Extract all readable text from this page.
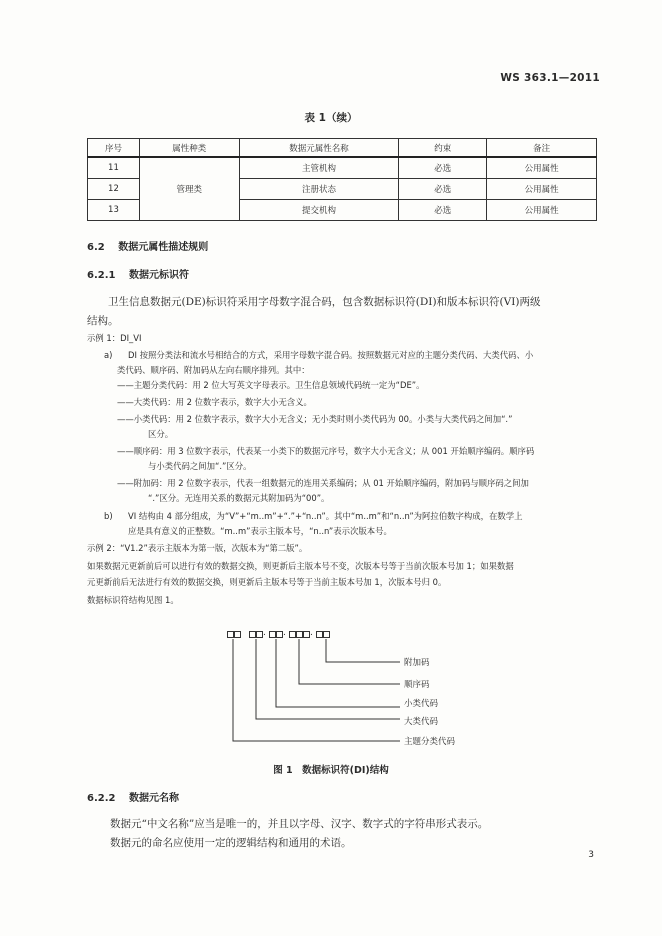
WS 363.1—2011
表 1（续）
序号	属性种类	数据元属性名称	约束	备注
11	管理类	主管机构	必选	公用属性
12		注册状态	必选	公用属性
13		提交机构	必选	公用属性
6.2 数据元属性描述规则
6.2.1 数据元标识符
卫生信息数据元(DE)标识符采用字母数字混合码，包含数据标识符(DI)和版本标识符(VI)两级
结构。
示例 1：DI_VI
a) DI 按照分类法和流水号相结合的方式，采用字母数字混合码。按照数据元对应的主题分类代码、大类代码、小
类代码、顺序码、附加码从左向右顺序排列。其中：
——主题分类代码：用 2 位大写英文字母表示。卫生信息领域代码统一定为“DE”。
——大类代码：用 2 位数字表示，数字大小无含义。
——小类代码：用 2 位数字表示，数字大小无含义；无小类时则小类代码为 00。小类与大类代码之间加“.”
区分。
——顺序码：用 3 位数字表示，代表某一小类下的数据元序号，数字大小无含义；从 001 开始顺序编码。顺序码
与小类代码之间加“.”区分。
——附加码：用 2 位数字表示，代表一组数据元的连用关系编码；从 01 开始顺序编码，附加码与顺序码之间加
“.”区分。无连用关系的数据元其附加码为“00”。
b) VI 结构由 4 部分组成，为“V”+“m..m”+“.”+“n..n”。其中“m..m”和“n..n”为阿拉伯数字构成，在数学上
应是具有意义的正整数。“m..m”表示主版本号，“n..n”表示次版本号。
示例 2：“V1.2”表示主版本为第一版，次版本为“第二版”。
如果数据元更新前后可以进行有效的数据交换，则更新后主版本号不变，次版本号等于当前次版本号加 1；如果数据
元更新前后无法进行有效的数据交换，则更新后主版本号等于当前主版本号加 1，次版本号归 0。
数据标识符结构见图 1。
. .	.
附加码
顺序码
小类代码
大类代码
主题分类代码
图 1　数据标识符(DI)结构
6.2.2 数据元名称
数据元“中文名称”应当是唯一的，并且以字母、汉字、数字式的字符串形式表示。
数据元的命名应使用一定的逻辑结构和通用的术语。
3
